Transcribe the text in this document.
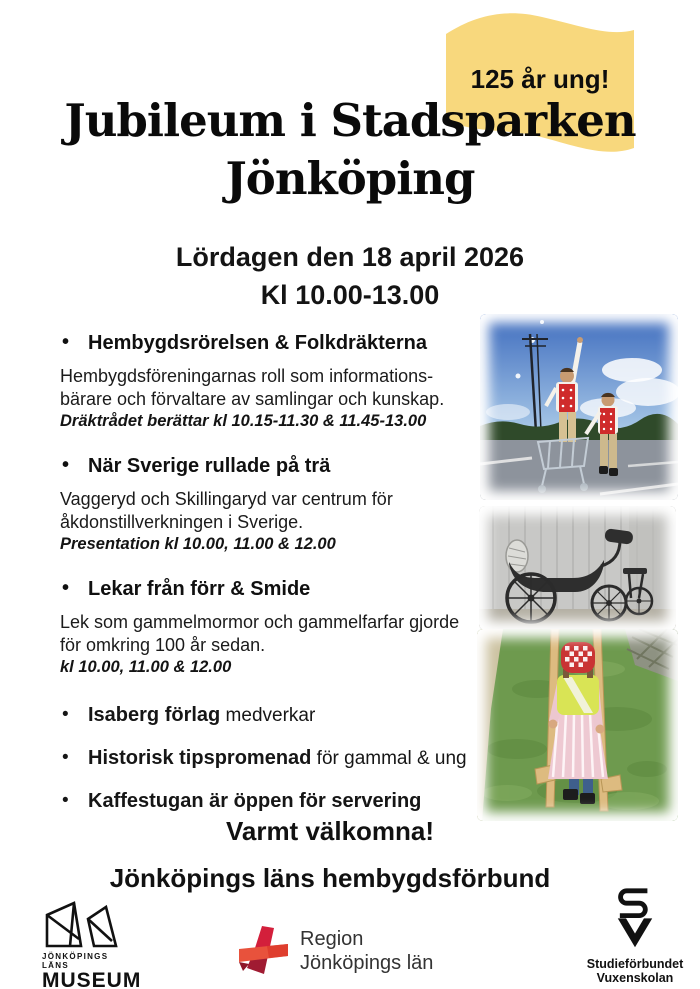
125 år ung!
Jubileum i Stadsparken
Jönköping
Lördagen den 18 april 2026
Kl 10.00-13.00

• Hembygdsrörelsen & Folkdräkterna

Hembygdsföreningarnas roll som informations-bärare och förvaltare av samlingar och kunskap.

Dräktrådet berättar kl 10.15-11.30 & 11.45-13.00

• När Sverige rullade på trä

Vaggeryd och Skillingaryd var centrum för åkdonstillverkningen i Sverige.

Presentation kl 10.00, 11.00 & 12.00

• Lekar från förr & Smide

Lek som gammelmormor och gammelfarfar gjorde för omkring 100 år sedan.

kl 10.00, 11.00 & 12.00

• Isaberg förlag medverkar
• Historisk tipspromenad för gammal & ung
• Kaffestugan är öppen för servering

Varmt välkomna!

Jönköpings läns hembygdsförbund

JÖNKÖPINGS LÄNS
MUSEUM
Region
Jönköpings län	Studieförbundet
Vuxenskolan
